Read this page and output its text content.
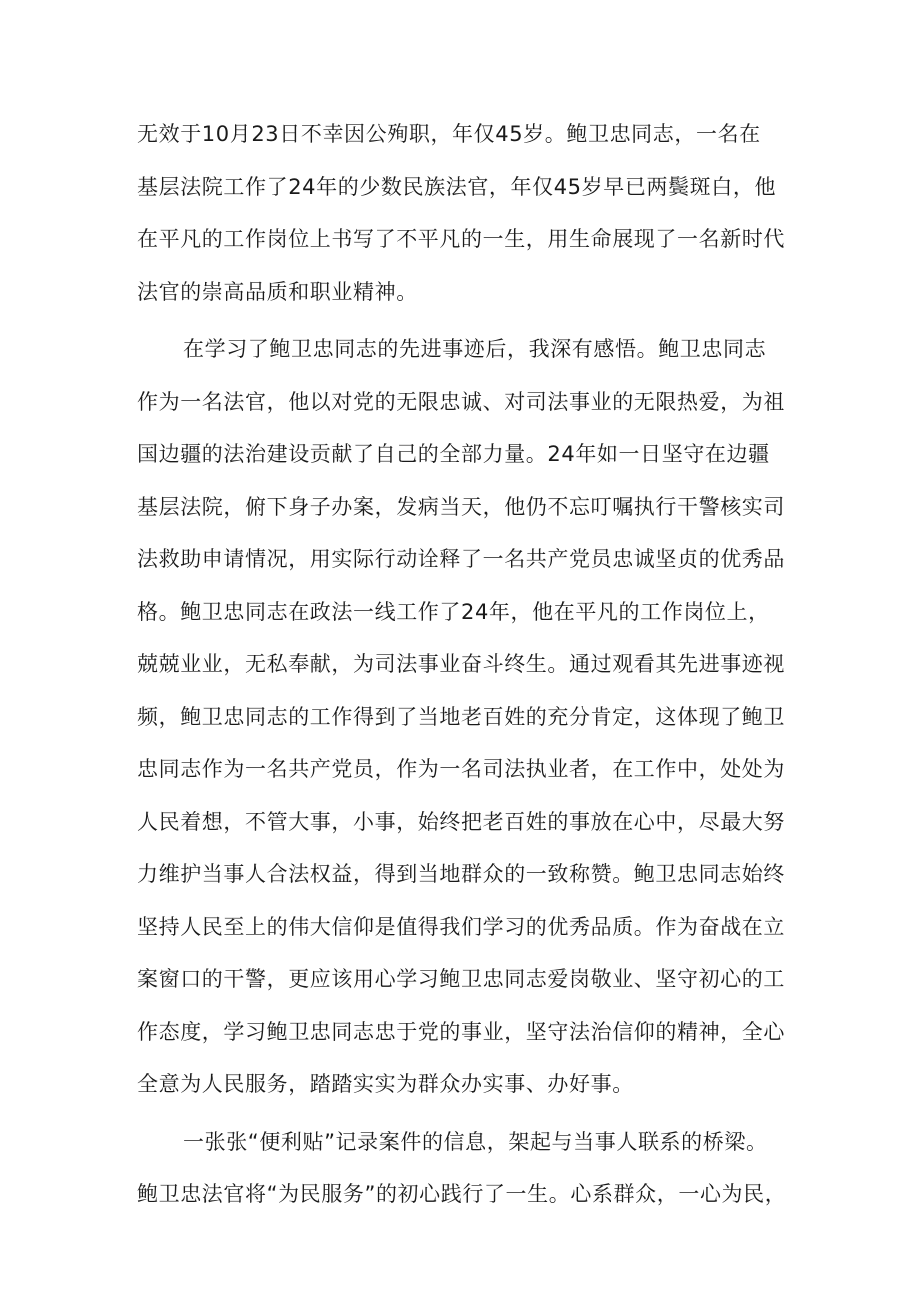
无效于10月23日不幸因公殉职，年仅45岁。鲍卫忠同志，一名在
基层法院工作了24年的少数民族法官，年仅45岁早已两鬓斑白，他
在平凡的工作岗位上书写了不平凡的一生，用生命展现了一名新时代
法官的崇高品质和职业精神。
在学习了鲍卫忠同志的先进事迹后，我深有感悟。鲍卫忠同志
作为一名法官，他以对党的无限忠诚、对司法事业的无限热爱，为祖
国边疆的法治建设贡献了自己的全部力量。24年如一日坚守在边疆
基层法院，俯下身子办案，发病当天，他仍不忘叮嘱执行干警核实司
法救助申请情况，用实际行动诠释了一名共产党员忠诚坚贞的优秀品
格。鲍卫忠同志在政法一线工作了24年，他在平凡的工作岗位上，
兢兢业业，无私奉献，为司法事业奋斗终生。通过观看其先进事迹视
频，鲍卫忠同志的工作得到了当地老百姓的充分肯定，这体现了鲍卫
忠同志作为一名共产党员，作为一名司法执业者，在工作中，处处为
人民着想，不管大事，小事，始终把老百姓的事放在心中，尽最大努
力维护当事人合法权益，得到当地群众的一致称赞。鲍卫忠同志始终
坚持人民至上的伟大信仰是值得我们学习的优秀品质。作为奋战在立
案窗口的干警，更应该用心学习鲍卫忠同志爱岗敬业、坚守初心的工
作态度，学习鲍卫忠同志忠于党的事业，坚守法治信仰的精神，全心
全意为人民服务，踏踏实实为群众办实事、办好事。
一张张“便利贴”记录案件的信息，架起与当事人联系的桥梁。
鲍卫忠法官将“为民服务”的初心践行了一生。心系群众，一心为民，
